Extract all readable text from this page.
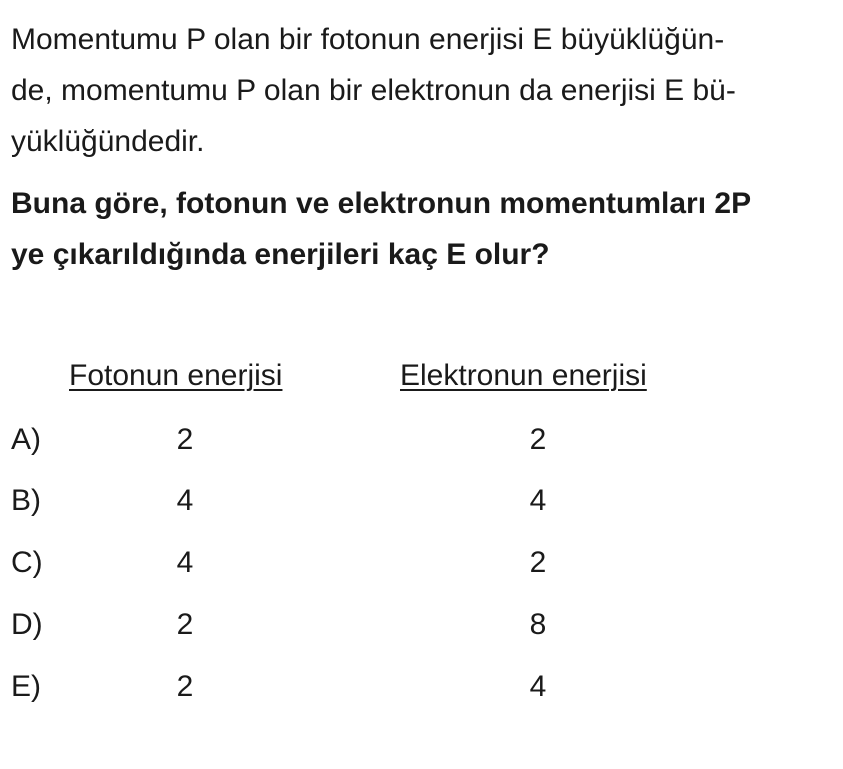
Momentumu P olan bir fotonun enerjisi E büyüklüğün-
de, momentumu P olan bir elektronun da enerjisi E bü-
yüklüğündedir.
Buna göre, fotonun ve elektronun momentumları 2P
ye çıkarıldığında enerjileri kaç E olur?
Fotonun enerjisi	Elektronun enerjisi
A)	2	2
B)	4	4
C)	4	2
D)	2	8
E)	2	4
